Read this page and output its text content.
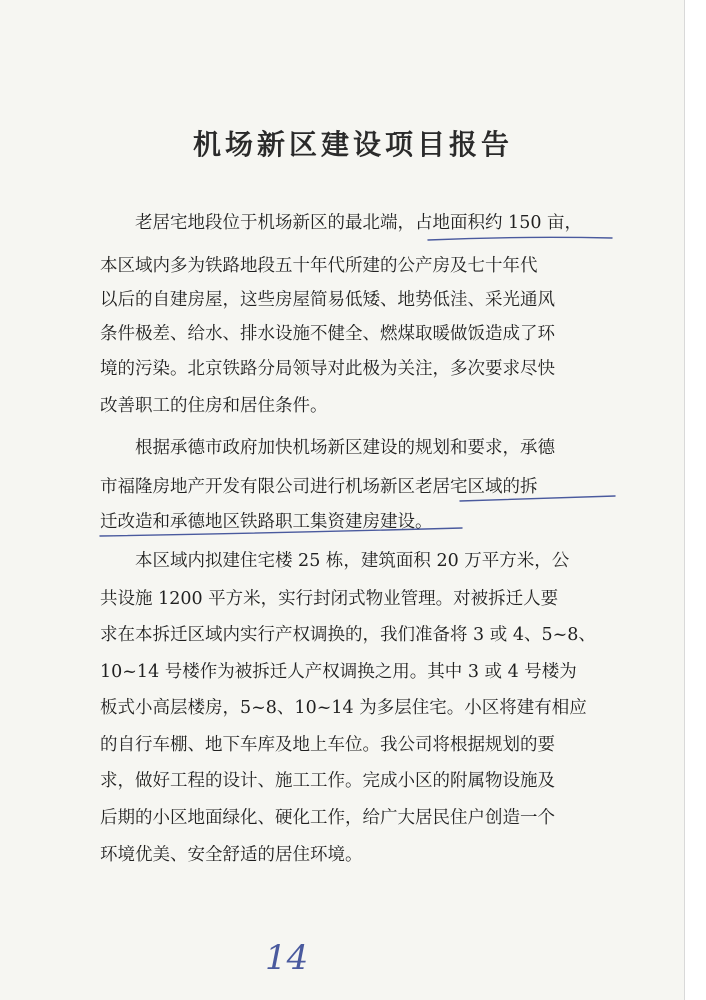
机场新区建设项目报告
老居宅地段位于机场新区的最北端，占地面积约 150 亩，
本区域内多为铁路地段五十年代所建的公产房及七十年代
以后的自建房屋，这些房屋简易低矮、地势低洼、采光通风
条件极差、给水、排水设施不健全、燃煤取暖做饭造成了环
境的污染。北京铁路分局领导对此极为关注，多次要求尽快
改善职工的住房和居住条件。
根据承德市政府加快机场新区建设的规划和要求，承德
市福隆房地产开发有限公司进行机场新区老居宅区域的拆
迁改造和承德地区铁路职工集资建房建设。
本区域内拟建住宅楼 25 栋，建筑面积 20 万平方米，公
共设施 1200 平方米，实行封闭式物业管理。对被拆迁人要
求在本拆迁区域内实行产权调换的，我们准备将 3 或 4、5~8、
10~14 号楼作为被拆迁人产权调换之用。其中 3 或 4 号楼为
板式小高层楼房，5~8、10~14 为多层住宅。小区将建有相应
的自行车棚、地下车库及地上车位。我公司将根据规划的要
求，做好工程的设计、施工工作。完成小区的附属物设施及
后期的小区地面绿化、硬化工作，给广大居民住户创造一个
环境优美、安全舒适的居住环境。
14
